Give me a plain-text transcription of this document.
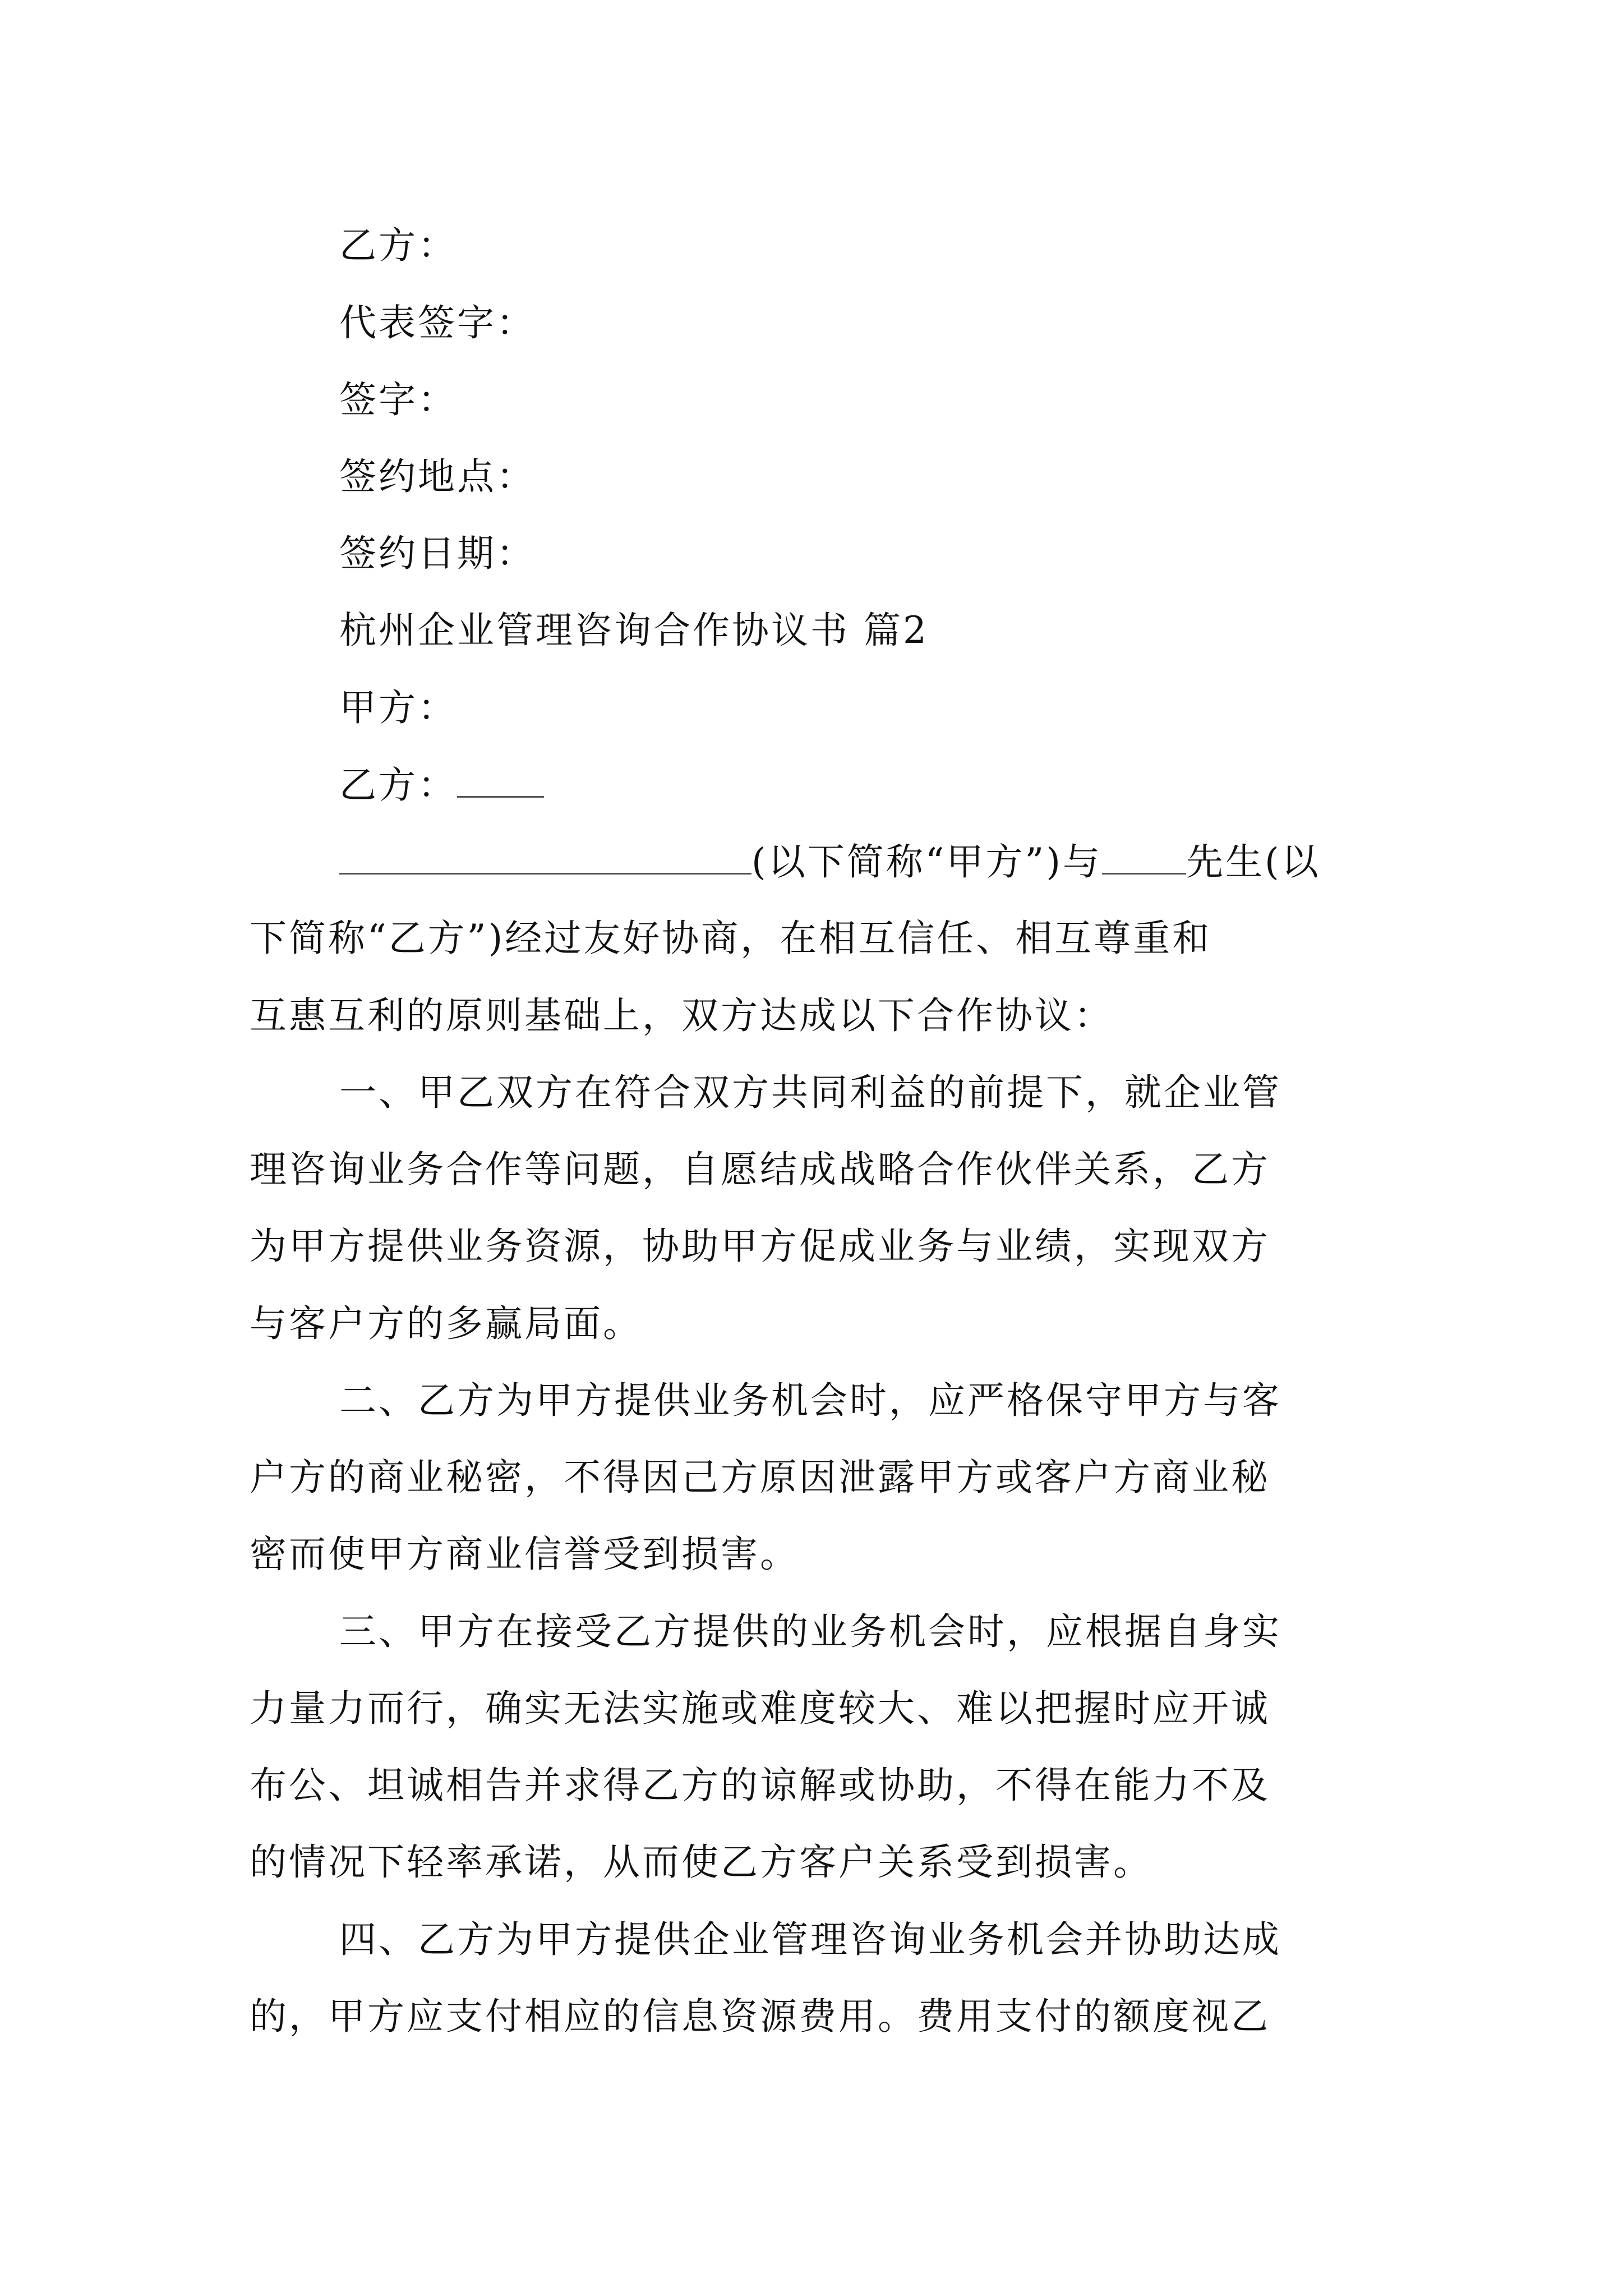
乙方：
代表签字：
签字：
签约地点：
签约日期：
杭州企业管理咨询合作协议书 篇2
甲方：
乙方：
(以下简称“甲方”)与 先生(以
下简称“乙方”)经过友好协商，在相互信任、相互尊重和
互惠互利的原则基础上，双方达成以下合作协议：
一、甲乙双方在符合双方共同利益的前提下，就企业管
理咨询业务合作等问题，自愿结成战略合作伙伴关系，乙方
为甲方提供业务资源，协助甲方促成业务与业绩，实现双方
与客户方的多赢局面。
二、乙方为甲方提供业务机会时，应严格保守甲方与客
户方的商业秘密，不得因己方原因泄露甲方或客户方商业秘
密而使甲方商业信誉受到损害。
三、甲方在接受乙方提供的业务机会时，应根据自身实
力量力而行，确实无法实施或难度较大、难以把握时应开诚
布公、坦诚相告并求得乙方的谅解或协助，不得在能力不及
的情况下轻率承诺，从而使乙方客户关系受到损害。
四、乙方为甲方提供企业管理咨询业务机会并协助达成
的，甲方应支付相应的信息资源费用。费用支付的额度视乙
